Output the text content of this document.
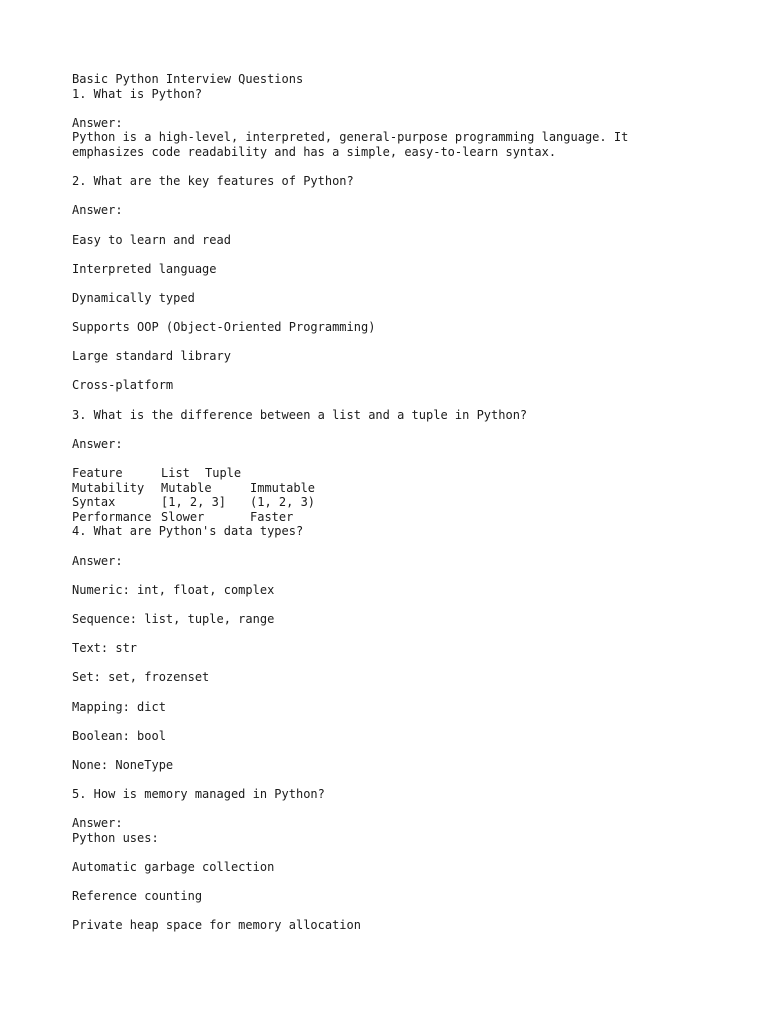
Basic Python Interview Questions
1. What is Python?
Answer:
Python is a high-level, interpreted, general-purpose programming language. It
emphasizes code readability and has a simple, easy-to-learn syntax.
2. What are the key features of Python?
Answer:
Easy to learn and read
Interpreted language
Dynamically typed
Supports OOP (Object-Oriented Programming)
Large standard library
Cross-platform
3. What is the difference between a list and a tuple in Python?
Answer:
Feature	List Tuple
Mutability Mutable	Immutable
Syntax	[1, 2, 3] (1, 2, 3)
Performance Slower	Faster
4. What are Python's data types?
Answer:
Numeric: int, float, complex
Sequence: list, tuple, range
Text: str
Set: set, frozenset
Mapping: dict
Boolean: bool
None: NoneType
5. How is memory managed in Python?
Answer:
Python uses:
Automatic garbage collection
Reference counting
Private heap space for memory allocation
